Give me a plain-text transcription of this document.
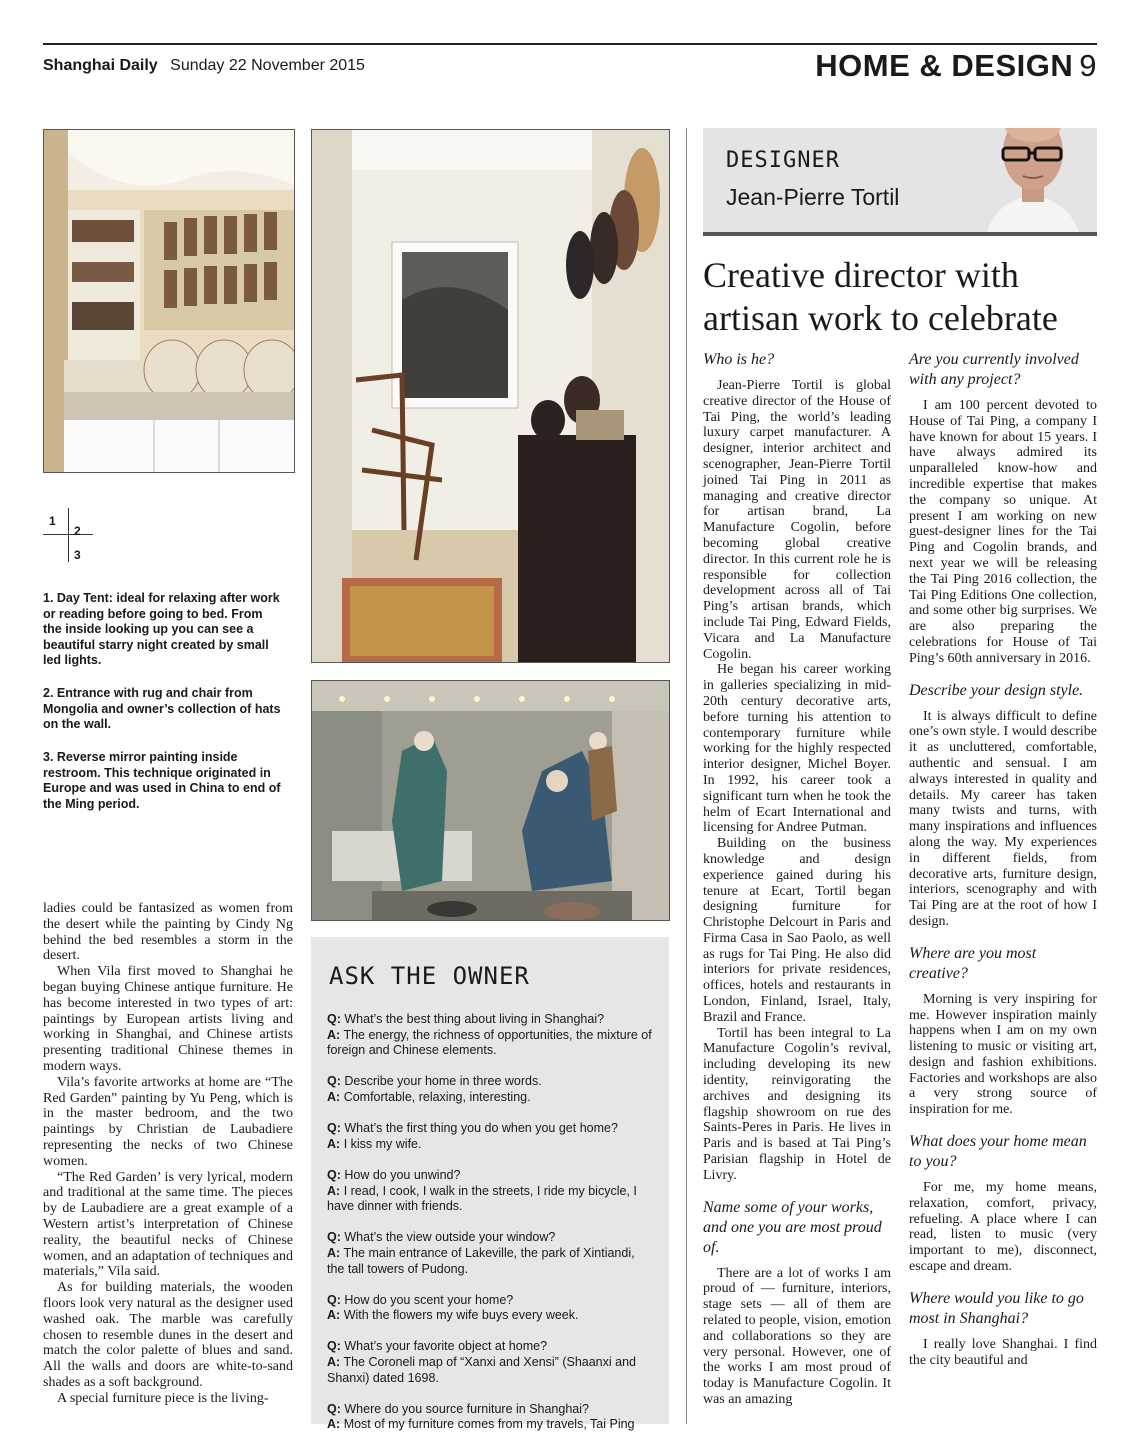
Shanghai Daily Sunday 22 November 2015	HOME & DESIGN 9
1
2
3

1. Day Tent: ideal for relaxing after work or reading before going to bed. From the inside looking up you can see a beautiful starry night created by small led lights.

2. Entrance with rug and chair from Mongolia and owner’s collection of hats on the wall.

3. Reverse mirror painting inside restroom. This technique originated in Europe and was used in China to end of the Ming period.

ladies could be fantasized as women from the desert while the painting by Cindy Ng behind the bed resembles a storm in the desert.

When Vila first moved to Shanghai he began buying Chinese antique furniture. He has become interested in two types of art: paintings by European artists living and working in Shanghai, and Chinese artists presenting traditional Chinese themes in modern ways.

Vila’s favorite artworks at home are “The Red Garden” painting by Yu Peng, which is in the master bedroom, and the two paintings by Christian de Laubadiere representing the necks of two Chinese women.

“The Red Garden’ is very lyrical, modern and traditional at the same time. The pieces by de Laubadiere are a great example of a Western artist’s interpretation of Chinese reality, the beautiful necks of Chinese women, and an adaptation of techniques and materials,” Vila said.

As for building materials, the wooden floors look very natural as the designer used washed oak. The marble was carefully chosen to resemble dunes in the desert and match the color palette of blues and sand. All the walls and doors are white-to-sand shades as a soft background.

A special furniture piece is the living-

ASK THE OWNER
Q: What’s the best thing about living in Shanghai?
A: The energy, the richness of opportunities, the mixture of foreign and Chinese elements.
Q: Describe your home in three words.
A: Comfortable, relaxing, interesting.
Q: What’s the first thing you do when you get home?
A: I kiss my wife.
Q: How do you unwind?
A: I read, I cook, I walk in the streets, I ride my bicycle, I have dinner with friends.
Q: What’s the view outside your window?
A: The main entrance of Lakeville, the park of Xintiandi, the tall towers of Pudong.
Q: How do you scent your home?
A: With the flowers my wife buys every week.
Q: What’s your favorite object at home?
A: The Coroneli map of “Xanxi and Xensi” (Shaanxi and Shanxi) dated 1698.
Q: Where do you source furniture in Shanghai?
A: Most of my furniture comes from my travels, Tai Ping
DESIGNER
Jean-Pierre Tortil
Creative director with artisan work to celebrate
Who is he?

Jean-Pierre Tortil is global creative director of the House of Tai Ping, the world’s leading luxury carpet manufacturer. A designer, interior architect and scenographer, Jean-Pierre Tortil joined Tai Ping in 2011 as managing and creative director for artisan brand, La Manufacture Cogolin, before becoming global creative director. In this current role he is responsible for collection development across all of Tai Ping’s artisan brands, which include Tai Ping, Edward Fields, Vicara and La Manufacture Cogolin.

He began his career working in galleries specializing in mid-20th century decorative arts, before turning his attention to contemporary furniture while working for the highly respected interior designer, Michel Boyer. In 1992, his career took a significant turn when he took the helm of Ecart International and licensing for Andree Putman.

Building on the business knowledge and design experience gained during his tenure at Ecart, Tortil began designing furniture for Christophe Delcourt in Paris and Firma Casa in Sao Paolo, as well as rugs for Tai Ping. He also did interiors for private residences, offices, hotels and restaurants in London, Finland, Israel, Italy, Brazil and France.

Tortil has been integral to La Manufacture Cogolin’s revival, including developing its new identity, reinvigorating the archives and designing its flagship showroom on rue des Saints-Peres in Paris. He lives in Paris and is based at Tai Ping’s Parisian flagship in Hotel de Livry.

Name some of your works, and one you are most proud of.

There are a lot of works I am proud of — furniture, interiors, stage sets — all of them are related to people, vision, emotion and collaborations so they are very personal. However, one of the works I am most proud of today is Manufacture Cogolin. It was an amazing

Are you currently involved with any project?

I am 100 percent devoted to House of Tai Ping, a company I have known for about 15 years. I have always admired its unparalleled know-how and incredible expertise that makes the company so unique. At present I am working on new guest-designer lines for the Tai Ping and Cogolin brands, and next year we will be releasing the Tai Ping 2016 collection, the Tai Ping Editions One collection, and some other big surprises. We are also preparing the celebrations for House of Tai Ping’s 60th anniversary in 2016.

Describe your design style.

It is always difficult to define one’s own style. I would describe it as uncluttered, comfortable, authentic and sensual. I am always interested in quality and details. My career has taken many twists and turns, with many inspirations and influences along the way. My experiences in different fields, from decorative arts, furniture design, interiors, scenography and with Tai Ping are at the root of how I design.

Where are you most creative?

Morning is very inspiring for me. However inspiration mainly happens when I am on my own listening to music or visiting art, design and fashion exhibitions. Factories and workshops are also a very strong source of inspiration for me.

What does your home mean to you?

For me, my home means, relaxation, comfort, privacy, refueling. A place where I can read, listen to music (very important to me), disconnect, escape and dream.

Where would you like to go most in Shanghai?

I really love Shanghai. I find the city beautiful and
